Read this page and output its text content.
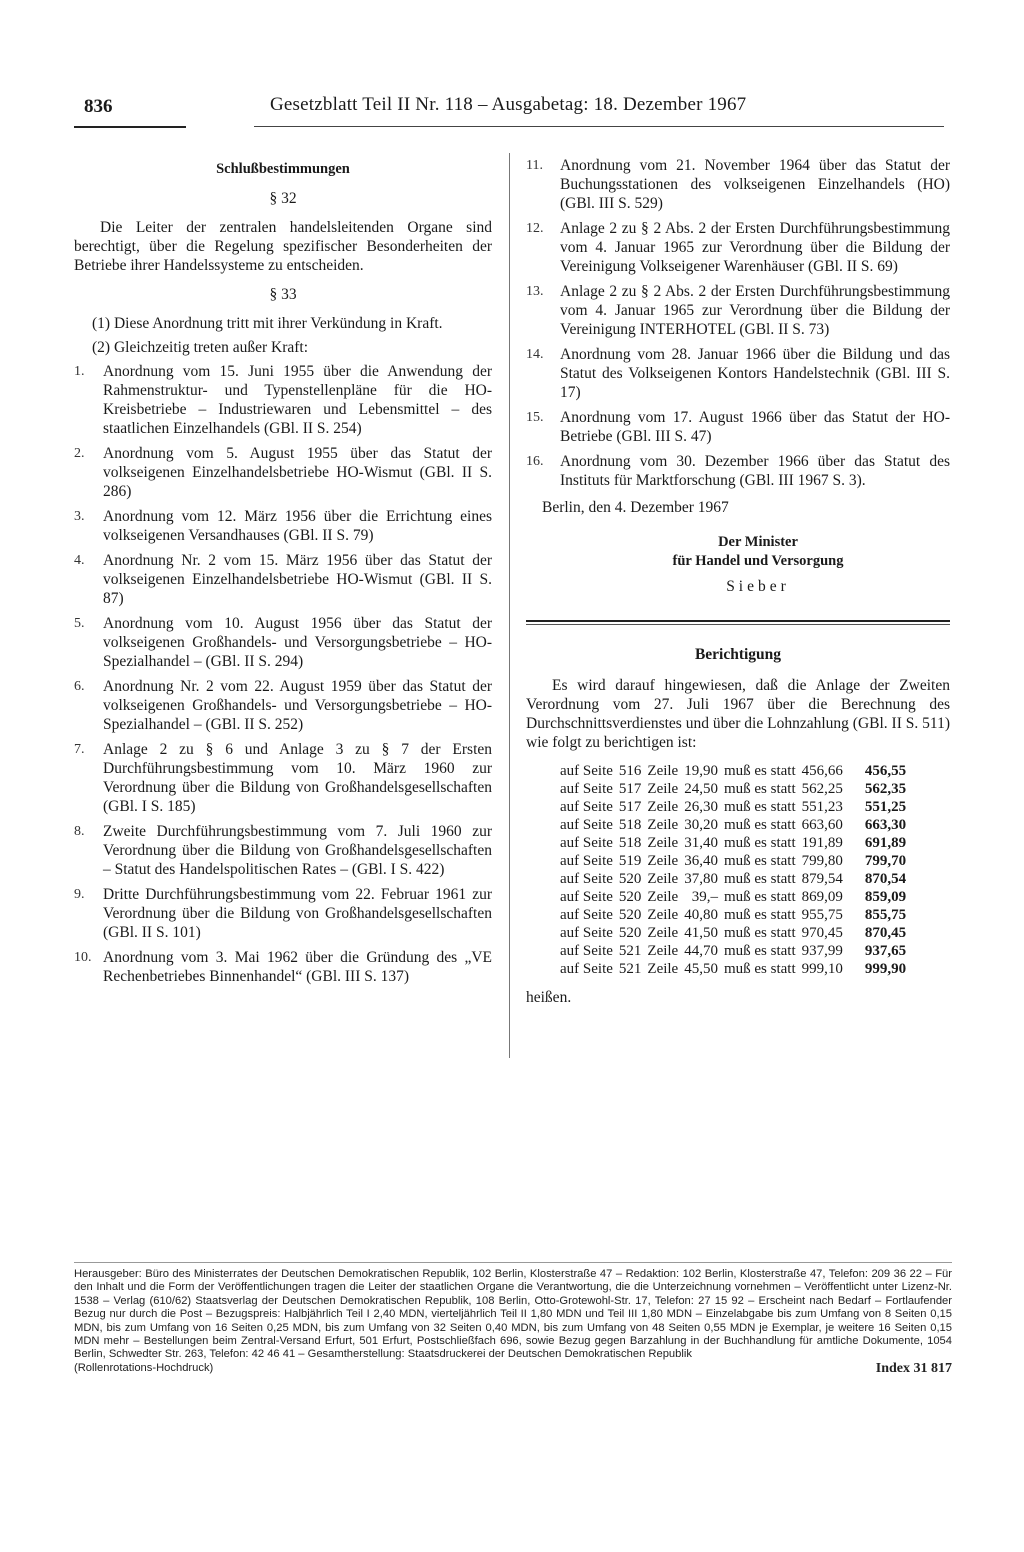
836	Gesetzblatt Teil II Nr. 118 – Ausgabetag: 18. Dezember 1967
Schlußbestimmungen
§ 32

Die Leiter der zentralen handelsleitenden Organe sind berechtigt, über die Regelung spezifischer Besonderheiten der Betriebe ihrer Handelssysteme zu entscheiden.

§ 33

(1) Diese Anordnung tritt mit ihrer Verkündung in Kraft.

(2) Gleichzeitig treten außer Kraft:

1. Anordnung vom 15. Juni 1955 über die Anwendung der Rahmenstruktur- und Typenstellenpläne für die HO-Kreisbetriebe – Industriewaren und Lebensmittel – des staatlichen Einzelhandels (GBl. II S. 254)
2. Anordnung vom 5. August 1955 über das Statut der volkseigenen Einzelhandelsbetriebe HO-Wismut (GBl. II S. 286)
3. Anordnung vom 12. März 1956 über die Errichtung eines volkseigenen Versandhauses (GBl. II S. 79)
4. Anordnung Nr. 2 vom 15. März 1956 über das Statut der volkseigenen Einzelhandelsbetriebe HO-Wismut (GBl. II S. 87)
5. Anordnung vom 10. August 1956 über das Statut der volkseigenen Großhandels- und Versorgungsbetriebe – HO-Spezialhandel – (GBl. II S. 294)
6. Anordnung Nr. 2 vom 22. August 1959 über das Statut der volkseigenen Großhandels- und Versorgungsbetriebe – HO-Spezialhandel – (GBl. II S. 252)
7. Anlage 2 zu § 6 und Anlage 3 zu § 7 der Ersten Durchführungsbestimmung vom 10. März 1960 zur Verordnung über die Bildung von Großhandelsgesellschaften (GBl. I S. 185)
8. Zweite Durchführungsbestimmung vom 7. Juli 1960 zur Verordnung über die Bildung von Großhandelsgesellschaften – Statut des Handelspolitischen Rates – (GBl. I S. 422)
9. Dritte Durchführungsbestimmung vom 22. Februar 1961 zur Verordnung über die Bildung von Großhandelsgesellschaften (GBl. II S. 101)
10. Anordnung vom 3. Mai 1962 über die Gründung des „VE Rechenbetriebes Binnenhandel“ (GBl. III S. 137)
11. Anordnung vom 21. November 1964 über das Statut der Buchungsstationen des volkseigenen Einzelhandels (HO) (GBl. III S. 529)
12. Anlage 2 zu § 2 Abs. 2 der Ersten Durchführungsbestimmung vom 4. Januar 1965 zur Verordnung über die Bildung der Vereinigung Volkseigener Warenhäuser (GBl. II S. 69)
13. Anlage 2 zu § 2 Abs. 2 der Ersten Durchführungsbestimmung vom 4. Januar 1965 zur Verordnung über die Bildung der Vereinigung INTERHOTEL (GBl. II S. 73)
14. Anordnung vom 28. Januar 1966 über die Bildung und das Statut des Volkseigenen Kontors Handelstechnik (GBl. III S. 17)
15. Anordnung vom 17. August 1966 über das Statut der HO-Betriebe (GBl. III S. 47)
16. Anordnung vom 30. Dezember 1966 über das Statut des Instituts für Marktforschung (GBl. III 1967 S. 3).
Berlin, den 4. Dezember 1967
Der Minister
für Handel und Versorgung
Sieber
Berichtigung

Es wird darauf hingewiesen, daß die Anlage der Zweiten Verordnung vom 27. Juli 1967 über die Berechnung des Durchschnittsverdienstes und über die Lohnzahlung (GBl. II S. 511) wie folgt zu berichtigen ist:

auf Seite	516	Zeile	19,90	muß es statt	456,66	456,55
auf Seite	517	Zeile	24,50	muß es statt	562,25	562,35
auf Seite	517	Zeile	26,30	muß es statt	551,23	551,25
auf Seite	518	Zeile	30,20	muß es statt	663,60	663,30
auf Seite	518	Zeile	31,40	muß es statt	191,89	691,89
auf Seite	519	Zeile	36,40	muß es statt	799,80	799,70
auf Seite	520	Zeile	37,80	muß es statt	879,54	870,54
auf Seite	520	Zeile	39,–	muß es statt	869,09	859,09
auf Seite	520	Zeile	40,80	muß es statt	955,75	855,75
auf Seite	520	Zeile	41,50	muß es statt	970,45	870,45
auf Seite	521	Zeile	44,70	muß es statt	937,99	937,65
auf Seite	521	Zeile	45,50	muß es statt	999,10	999,90
heißen.
Herausgeber: Büro des Ministerrates der Deutschen Demokratischen Republik, 102 Berlin, Klosterstraße 47 – Redaktion: 102 Berlin, Klosterstraße 47, Telefon: 209 36 22 – Für den Inhalt und die Form der Veröffentlichungen tragen die Leiter der staatlichen Organe die Verantwortung, die die Unterzeichnung vornehmen – Veröffentlicht unter Lizenz-Nr. 1538 – Verlag (610/62) Staatsverlag der Deutschen Demokratischen Republik, 108 Berlin, Otto-Grotewohl-Str. 17, Telefon: 27 15 92 – Erscheint nach Bedarf – Fortlaufender Bezug nur durch die Post – Bezugspreis: Halbjährlich Teil I 2,40 MDN, vierteljährlich Teil II 1,80 MDN und Teil III 1,80 MDN – Einzelabgabe bis zum Umfang von 8 Seiten 0,15 MDN, bis zum Umfang von 16 Seiten 0,25 MDN, bis zum Umfang von 32 Seiten 0,40 MDN, bis zum Umfang von 48 Seiten 0,55 MDN je Exemplar, je weitere 16 Seiten 0,15 MDN mehr – Bestellungen beim Zentral-Versand Erfurt, 501 Erfurt, Postschließfach 696, sowie Bezug gegen Barzahlung in der Buchhandlung für amtliche Dokumente, 1054 Berlin, Schwedter Str. 263, Telefon: 42 46 41 – Gesamtherstellung: Staatsdruckerei der Deutschen Demokratischen Republik
(Rollenrotations-Hochdruck)	Index 31 817
